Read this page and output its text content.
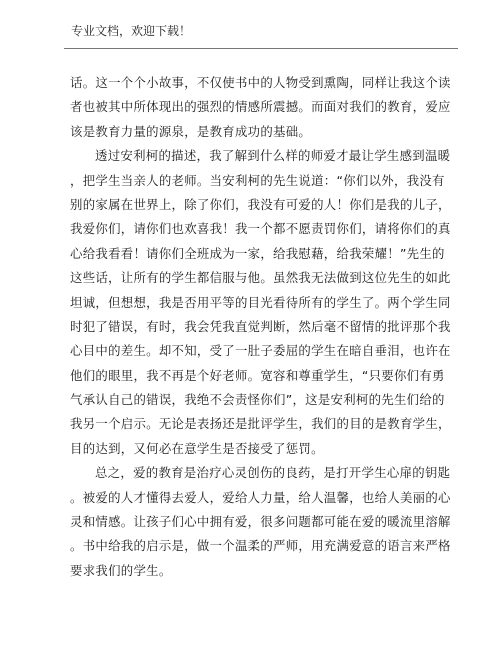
专业文档，欢迎下载！
话。这一个个小故事，不仅使书中的人物受到熏陶，同样让我这个读
者也被其中所体现出的强烈的情感所震撼。而面对我们的教育，爱应
该是教育力量的源泉，是教育成功的基础。
透过安利柯的描述，我了解到什么样的师爱才最让学生感到温暖
，把学生当亲人的老师。当安利柯的先生说道：“你们以外，我没有
别的家属在世界上，除了你们，我没有可爱的人！你们是我的儿子，
我爱你们，请你们也欢喜我！我一个都不愿责罚你们，请将你们的真
心给我看看！请你们全班成为一家，给我慰藉，给我荣耀！”先生的
这些话，让所有的学生都信服与他。虽然我无法做到这位先生的如此
坦诚，但想想，我是否用平等的目光看待所有的学生了。两个学生同
时犯了错误，有时，我会凭我直觉判断，然后毫不留情的批评那个我
心目中的差生。却不知，受了一肚子委屈的学生在暗自垂泪，也许在
他们的眼里，我不再是个好老师。宽容和尊重学生，“只要你们有勇
气承认自己的错误，我绝不会责怪你们”，这是安利柯的先生们给的
我另一个启示。无论是表扬还是批评学生，我们的目的是教育学生，
目的达到，又何必在意学生是否接受了惩罚。
总之，爱的教育是治疗心灵创伤的良药，是打开学生心扉的钥匙
。被爱的人才懂得去爱人，爱给人力量，给人温馨，也给人美丽的心
灵和情感。让孩子们心中拥有爱，很多问题都可能在爱的暖流里溶解
。书中给我的启示是，做一个温柔的严师，用充满爱意的语言来严格
要求我们的学生。
